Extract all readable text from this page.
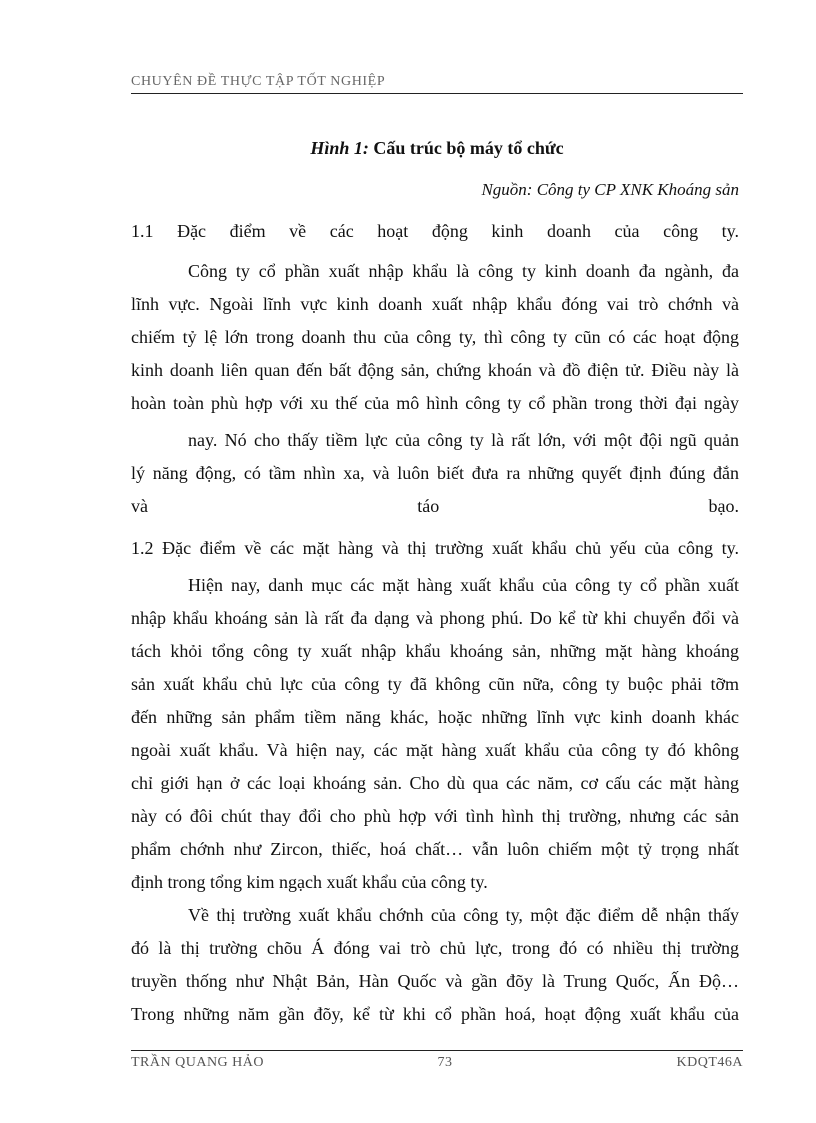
CHUYÊN ĐỀ THỰC TẬP TỐT NGHIỆP
Hình 1: Cấu trúc bộ máy tổ chức
Nguồn: Công ty CP XNK Khoáng sản
1.1 Đặc điểm về các hoạt động kinh doanh của công ty.
Công ty cổ phần xuất nhập khẩu là công ty kinh doanh đa ngành, đa
lĩnh vực. Ngoài lĩnh vực kinh doanh xuất nhập khẩu đóng vai trò chớnh và
chiếm tỷ lệ lớn trong doanh thu của công ty, thì công ty cũn có các hoạt động
kinh doanh liên quan đến bất động sản, chứng khoán và đồ điện tử. Điều này là
hoàn toàn phù hợp với xu thế của mô hình công ty cổ phần trong thời đại ngày
nay. Nó cho thấy tiềm lực của công ty là rất lớn, với một đội ngũ quản
lý năng động, có tầm nhìn xa, và luôn biết đưa ra những quyết định đúng đắn
và táo bạo.
1.2 Đặc điểm về các mặt hàng và thị trường xuất khẩu chủ yếu của công ty.
Hiện nay, danh mục các mặt hàng xuất khẩu của công ty cổ phần xuất
nhập khẩu khoáng sản là rất đa dạng và phong phú. Do kể từ khi chuyển đổi và
tách khỏi tổng công ty xuất nhập khẩu khoáng sản, những mặt hàng khoáng
sản xuất khẩu chủ lực của công ty đã không cũn nữa, công ty buộc phải tỡm
đến những sản phẩm tiềm năng khác, hoặc những lĩnh vực kinh doanh khác
ngoài xuất khẩu. Và hiện nay, các mặt hàng xuất khẩu của công ty đó không
chỉ giới hạn ở các loại khoáng sản. Cho dù qua các năm, cơ cấu các mặt hàng
này có đôi chút thay đổi cho phù hợp với tình hình thị trường, nhưng các sản
phẩm chớnh như Zircon, thiếc, hoá chất… vẫn luôn chiếm một tỷ trọng nhất
định trong tổng kim ngạch xuất khẩu của công ty.
Về thị trường xuất khẩu chớnh của công ty, một đặc điểm dễ nhận thấy
đó là thị trường chõu Á đóng vai trò chủ lực, trong đó có nhiều thị trường
truyền thống như Nhật Bản, Hàn Quốc và gần đõy là Trung Quốc, Ấn Độ…
Trong những năm gần đõy, kể từ khi cổ phần hoá, hoạt động xuất khẩu của
TRẦN QUANG HẢO	73	KDQT46A
